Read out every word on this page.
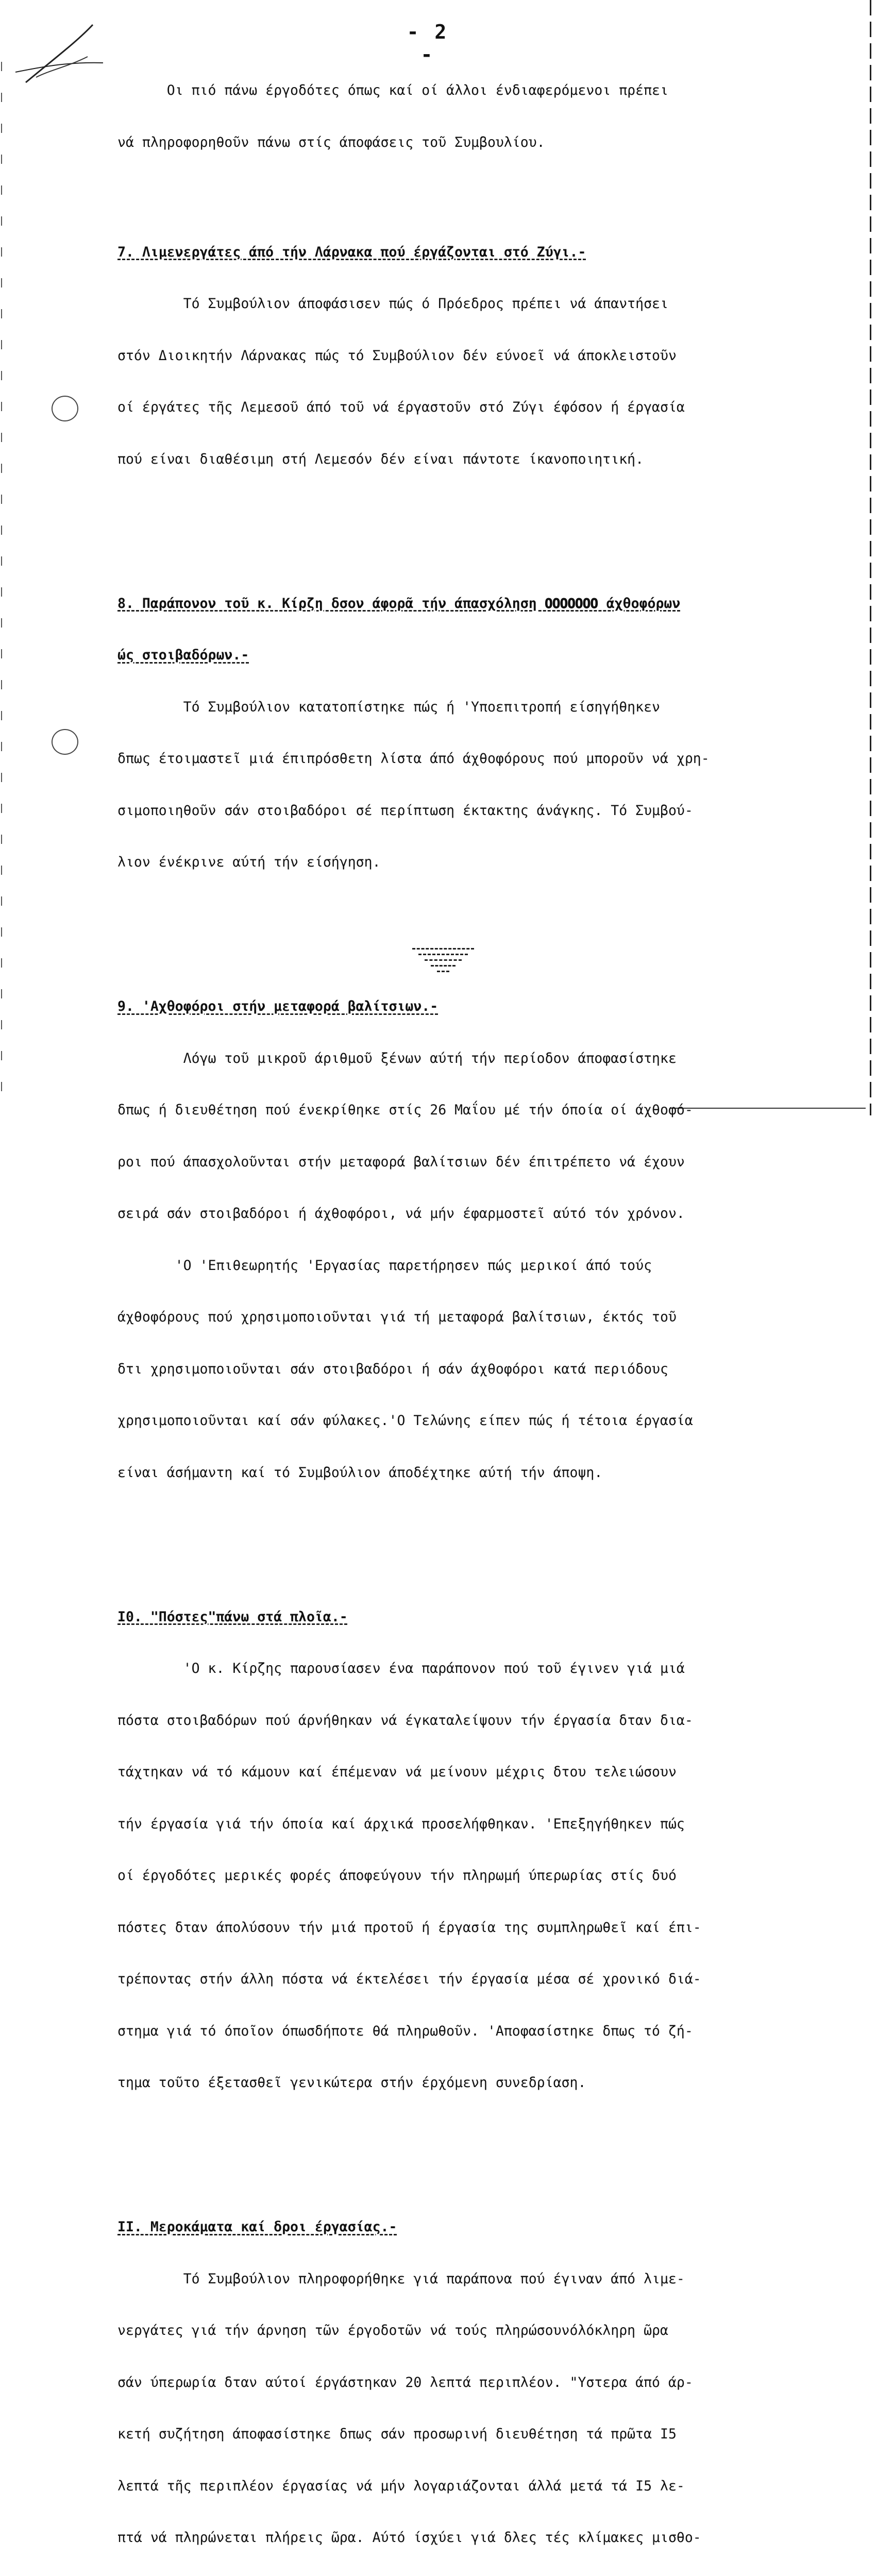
- 2 -

Οι πιό πάνω έργοδότες όπως καί οί άλλοι ένδιαφερόμενοι πρέπει

νά πληροφορηθοῦν πάνω στίς άποφάσεις τοῦ Συμβουλίου.

7. Λιμενεργάτες άπό τήν Λάρνακα πού έργάζονται στό Ζύγι.-

Τό Συμβούλιον άποφάσισεν πώς ό Πρόεδρος πρέπει νά άπαντήσει

στόν Διοικητήν Λάρνακας πώς τό Συμβούλιον δέν εύνοεῖ νά άποκλειστοῦν

οί έργάτες τῆς Λεμεσοῦ άπό τοῦ νά έργαστοῦν στό Ζύγι έφόσον ή έργασία

πού είναι διαθέσιμη στή Λεμεσόν δέν είναι πάντοτε ίκανοποιητική.

8. Παράπονον τοῦ κ. Κίρζη δσον άφορᾶ τήν άπασχόληση 𝟎𝟎𝟎𝟎𝟎𝟎𝟎 άχθοφόρων

ώς στοιβαδόρων.-

Τό Συμβούλιον κατατοπίστηκε πώς ή 'Υποεπιτροπή είσηγήθηκεν

δπως έτοιμαστεῖ μιά έπιπρόσθετη λίστα άπό άχθοφόρους πού μποροῦν νά χρη-

σιμοποιηθοῦν σάν στοιβαδόροι σέ περίπτωση έκτακτης άνάγκης. Τό Συμβού-

λιον ένέκρινε αύτή τήν είσήγηση.

9. 'Αχθοφόροι στήν μεταφορά βαλίτσιων.-

Λόγω τοῦ μικροῦ άριθμοῦ ξένων αύτή τήν περίοδον άποφασίστηκε

δπως ή διευθέτηση πού ένεκρίθηκε στίς 26 Μαΐου μέ τήν όποία οί άχθοφό-

ροι πού άπασχολοῦνται στήν μεταφορά βαλίτσιων δέν έπιτρέπετο νά έχουν

σειρά σάν στοιβαδόροι ή άχθοφόροι, νά μήν έφαρμοστεῖ αύτό τόν χρόνον.

'Ο 'Επιθεωρητής 'Εργασίας παρετήρησεν πώς μερικοί άπό τούς

άχθοφόρους πού χρησιμοποιοῦνται γιά τή μεταφορά βαλίτσιων, έκτός τοῦ

δτι χρησιμοποιοῦνται σάν στοιβαδόροι ή σάν άχθοφόροι κατά περιόδους

χρησιμοποιοῦνται καί σάν φύλακες.'Ο Τελώνης είπεν πώς ή τέτοια έργασία

είναι άσήμαντη καί τό Συμβούλιον άποδέχτηκε αύτή τήν άποψη.

Ι0. "Πόστες"πάνω στά πλοῖα.-

'Ο κ. Κίρζης παρουσίασεν ένα παράπονον πού τοῦ έγινεν γιά μιά

πόστα στοιβαδόρων πού άρνήθηκαν νά έγκαταλείψουν τήν έργασία δταν δια-

τάχτηκαν νά τό κάμουν καί έπέμεναν νά μείνουν μέχρις δτου τελειώσουν

τήν έργασία γιά τήν όποία καί άρχικά προσελήφθηκαν. 'Επεξηγήθηκεν πώς

οί έργοδότες μερικές φορές άποφεύγουν τήν πληρωμή ύπερωρίας στίς δυό

πόστες δταν άπολύσουν τήν μιά προτοῦ ή έργασία της συμπληρωθεῖ καί έπι-

τρέποντας στήν άλλη πόστα νά έκτελέσει τήν έργασία μέσα σέ χρονικό διά-

στημα γιά τό όποῖον όπωσδήποτε θά πληρωθοῦν. 'Αποφασίστηκε δπως τό ζή-

τημα τοῦτο έξετασθεῖ γενικώτερα στήν έρχόμενη συνεδρίαση.

ΙΙ. Μεροκάματα καί δροι έργασίας.-

Τό Συμβούλιον πληροφορήθηκε γιά παράπονα πού έγιναν άπό λιμε-

νεργάτες γιά τήν άρνηση τῶν έργοδοτῶν νά τούς πληρώσουνόλόκληρη ῶρα

σάν ύπερωρία δταν αύτοί έργάστηκαν 20 λεπτά περιπλέον. "Υστερα άπό άρ-

κετή συζήτηση άποφασίστηκε δπως σάν προσωρινή διευθέτηση τά πρῶτα Ι5

λεπτά τῆς περιπλέον έργασίας νά μήν λογαριάζονται άλλά μετά τά Ι5 λε-

πτά νά πληρώνεται πλήρεις ῶρα. Αύτό ίσχύει γιά δλες τές κλίμακες μισθο-
